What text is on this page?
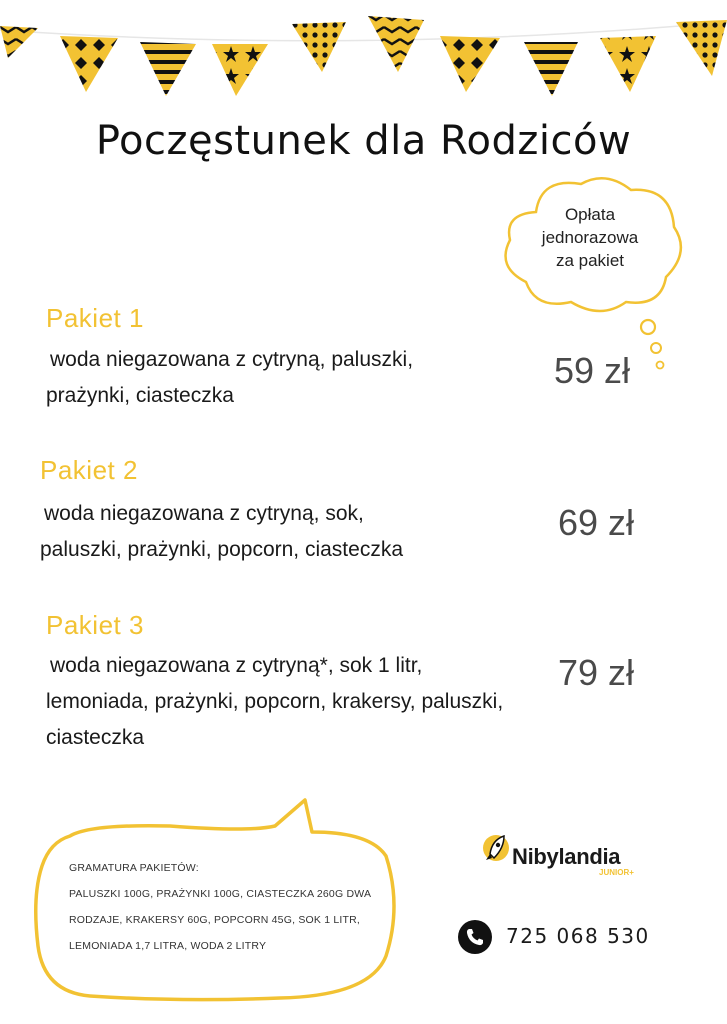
Poczęstunek dla Rodziców
Opłata
jednorazowa
za pakiet
Pakiet 1

woda niegazowana z cytryną, paluszki,
prażynki, ciasteczka

59 zł
Pakiet 2

woda niegazowana z cytryną, sok,
paluszki, prażynki, popcorn, ciasteczka

69 zł
Pakiet 3

woda niegazowana z cytryną*, sok 1 litr,
lemoniada, prażynki, popcorn, krakersy, paluszki,
ciasteczka

79 zł
GRAMATURA PAKIETÓW:
PALUSZKI 100G, PRAŻYNKI 100G, CIASTECZKA 260G DWA
RODZAJE, KRAKERSY 60G, POPCORN 45G, SOK 1 LITR,
LEMONIADA 1,7 LITRA, WODA 2 LITRY
Nibylandia
JUNIOR+
725 068 530
